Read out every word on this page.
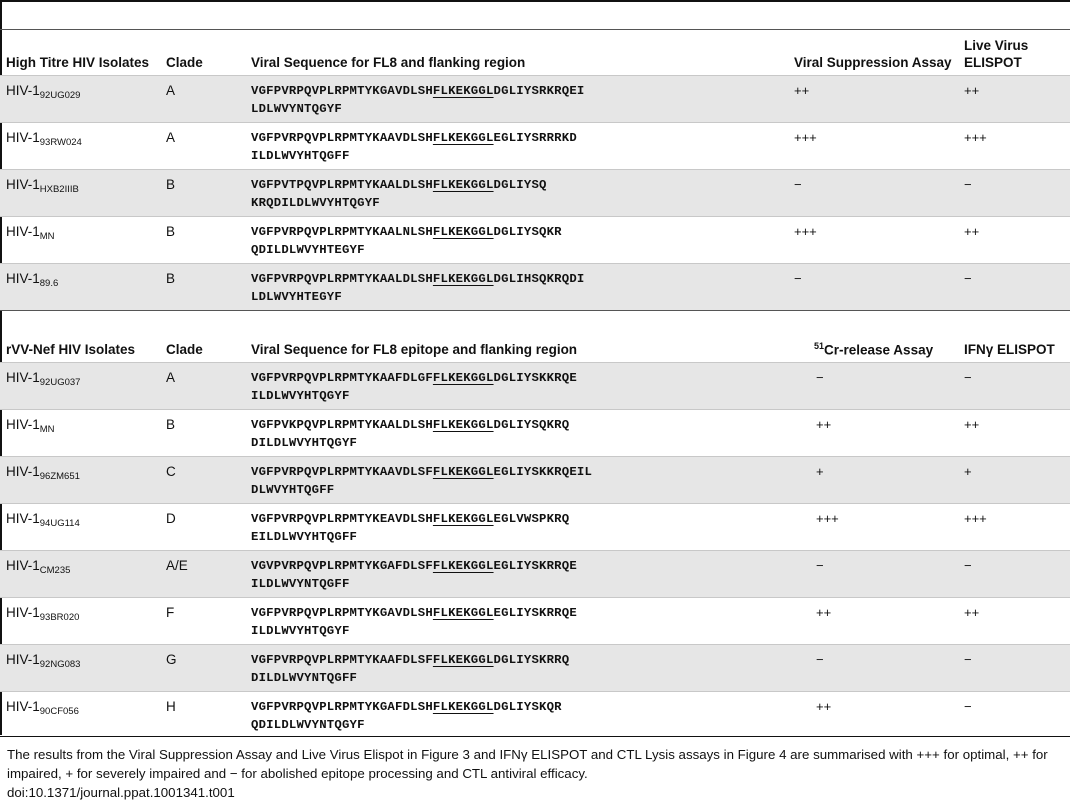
High Titre HIV Isolates	Clade	Viral Sequence for FL8 and flanking region	Viral Suppression Assay	Live Virus ELISPOT
HIV-$1_{92UG029}$	A	VGFPVRPQVPLRPMTYKGAVDLSHFLKEKGGLDGLIYSRKRQEI
LDLWVYNTQGYF	++	++
HIV-$1_{93RW024}$	A	VGFPVRPQVPLRPMTYKAAVDLSHFLKEKGGLEGLIYSRRRKD
ILDLWVYHTQGFF	+++	+++
HIV-$1_{HXB2IIIB}$	B	VGFPVTPQVPLRPMTYKAALDLSHFLKEKGGLDGLIYSQ
KRQDILDLWVYHTQGYF	−	−
HIV-$1_{MN}$	B	VGFPVRPQVPLRPMTYKAALNLSHFLKEKGGLDGLIYSQKR
QDILDLWVYHTEGYF	+++	++
HIV-$1_{89.6}$	B	VGFPVRPQVPLRPMTYKAALDLSHFLKEKGGLDGLIHSQKRQDI
LDLWVYHTEGYF	−	−
rVV-Nef HIV Isolates	Clade	Viral Sequence for FL8 epitope and flanking region	$^{51}$Cr-release Assay	IFNγ ELISPOT
HIV-$1_{92UG037}$	A	VGFPVRPQVPLRPMTYKAAFDLGFFLKEKGGLDGLIYSKKRQE
ILDLWVYHTQGYF	−	−
HIV-$1_{MN}$	B	VGFPVKPQVPLRPMTYKAALDLSHFLKEKGGLDGLIYSQKRQ
DILDLWVYHTQGYF	++	++
HIV-$1_{96ZM651}$	C	VGFPVRPQVPLRPMTYKAAVDLSFFLKEKGGLEGLIYSKKRQEIL
DLWVYHTQGFF	+	+
HIV-$1_{94UG114}$	D	VGFPVRPQVPLRPMTYKEAVDLSHFLKEKGGLEGLVWSPKRQ
EILDLWVYHTQGFF	+++	+++
HIV-$1_{CM235}$	A/E	VGVPVRPQVPLRPMTYKGAFDLSFFLKEKGGLEGLIYSKRRQE
ILDLWVYNTQGFF	−	−
HIV-$1_{93BR020}$	F	VGFPVRPQVPLRPMTYKGAVDLSHFLKEKGGLEGLIYSKRRQE
ILDLWVYHTQGYF	++	++
HIV-$1_{92NG083}$	G	VGFPVRPQVPLRPMTYKAAFDLSFFLKEKGGLDGLIYSKRRQ
DILDLWVYNTQGFF	−	−
HIV-$1_{90CF056}$	H	VGFPVRPQVPLRPMTYKGAFDLSHFLKEKGGLDGLIYSKQR
QDILDLWVYNTQGYF	++	−
The results from the Viral Suppression Assay and Live Virus Elispot in Figure 3 and IFNγ ELISPOT and CTL Lysis assays in Figure 4 are summarised with +++ for optimal, ++ for impaired, + for severely impaired and − for abolished epitope processing and CTL antiviral efficacy.
doi:10.1371/journal.ppat.1001341.t001
